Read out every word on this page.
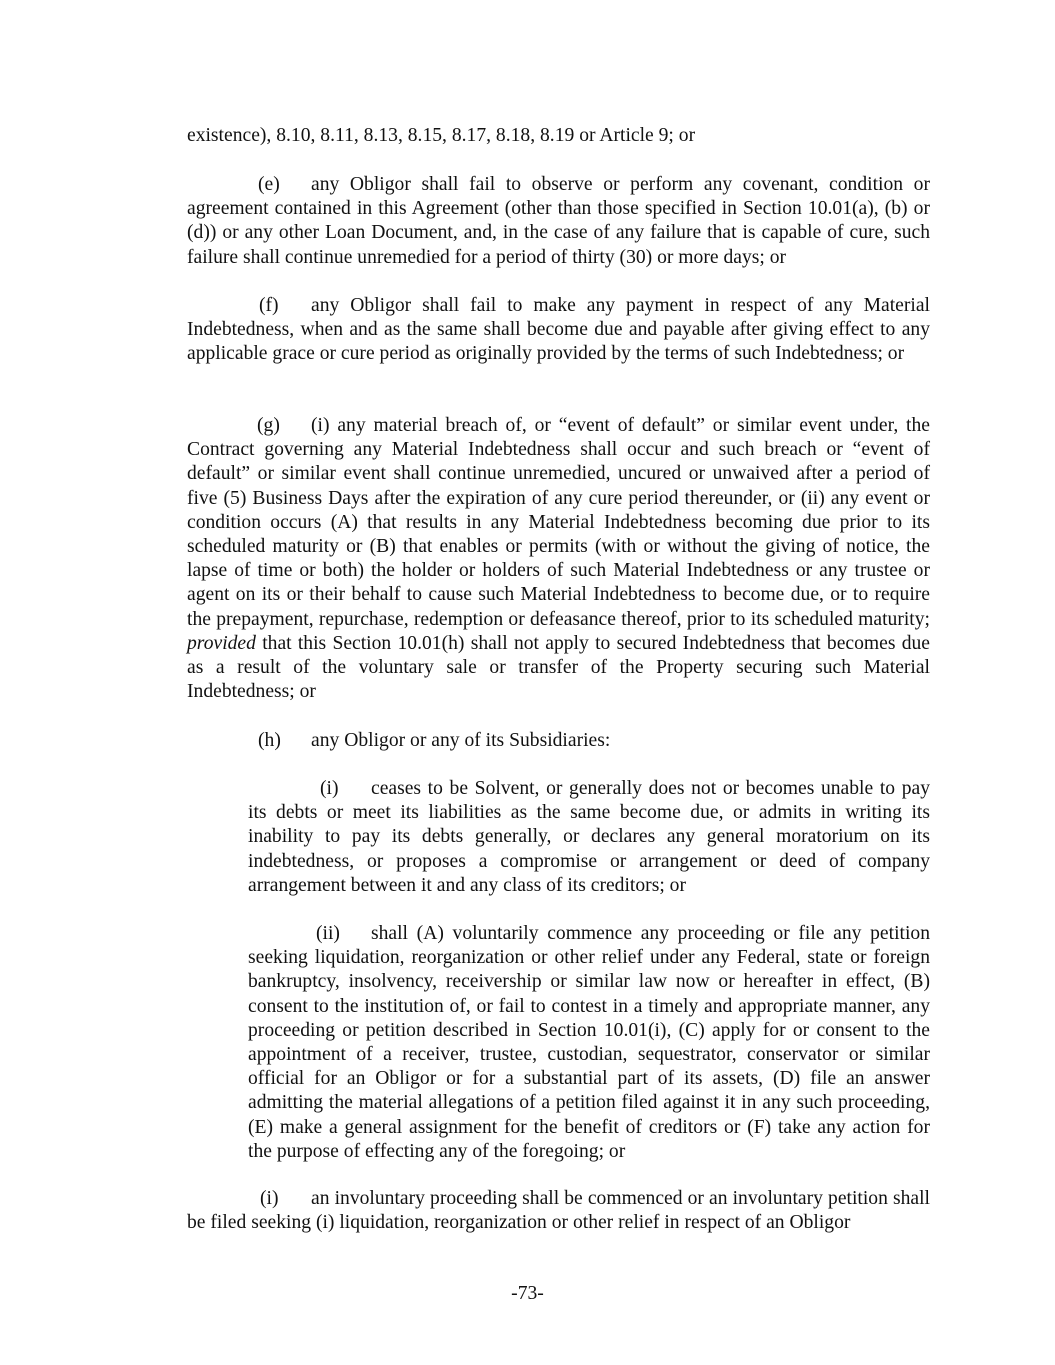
existence), 8.10, 8.11, 8.13, 8.15, 8.17, 8.18, 8.19 or Article 9; or

(e) any Obligor shall fail to observe or perform any covenant, condition or agreement contained in this Agreement (other than those specified in Section 10.01(a), (b) or (d)) or any other Loan Document, and, in the case of any failure that is capable of cure, such failure shall continue unremedied for a period of thirty (30) or more days; or

(f) any Obligor shall fail to make any payment in respect of any Material Indebtedness, when and as the same shall become due and payable after giving effect to any applicable grace or cure period as originally provided by the terms of such Indebtedness; or

(g) (i) any material breach of, or “event of default” or similar event under, the Contract governing any Material Indebtedness shall occur and such breach or “event of default” or similar event shall continue unremedied, uncured or unwaived after a period of five (5) Business Days after the expiration of any cure period thereunder, or (ii) any event or condition occurs (A) that results in any Material Indebtedness becoming due prior to its scheduled maturity or (B) that enables or permits (with or without the giving of notice, the lapse of time or both) the holder or holders of such Material Indebtedness or any trustee or agent on its or their behalf to cause such Material Indebtedness to become due, or to require the prepayment, repurchase, redemption or defeasance thereof, prior to its scheduled maturity; provided that this Section 10.01(h) shall not apply to secured Indebtedness that becomes due as a result of the voluntary sale or transfer of the Property securing such Material Indebtedness; or

(h) any Obligor or any of its Subsidiaries:

(i) ceases to be Solvent, or generally does not or becomes unable to pay its debts or meet its liabilities as the same become due, or admits in writing its inability to pay its debts generally, or declares any general moratorium on its indebtedness, or proposes a compromise or arrangement or deed of company arrangement between it and any class of its creditors; or

(ii) shall (A) voluntarily commence any proceeding or file any petition seeking liquidation, reorganization or other relief under any Federal, state or foreign bankruptcy, insolvency, receivership or similar law now or hereafter in effect, (B) consent to the institution of, or fail to contest in a timely and appropriate manner, any proceeding or petition described in Section 10.01(i), (C) apply for or consent to the appointment of a receiver, trustee, custodian, sequestrator, conservator or similar official for an Obligor or for a substantial part of its assets, (D) file an answer admitting the material allegations of a petition filed against it in any such proceeding, (E) make a general assignment for the benefit of creditors or (F) take any action for the purpose of effecting any of the foregoing; or

(i) an involuntary proceeding shall be commenced or an involuntary petition shall be filed seeking (i) liquidation, reorganization or other relief in respect of an Obligor

-73-
